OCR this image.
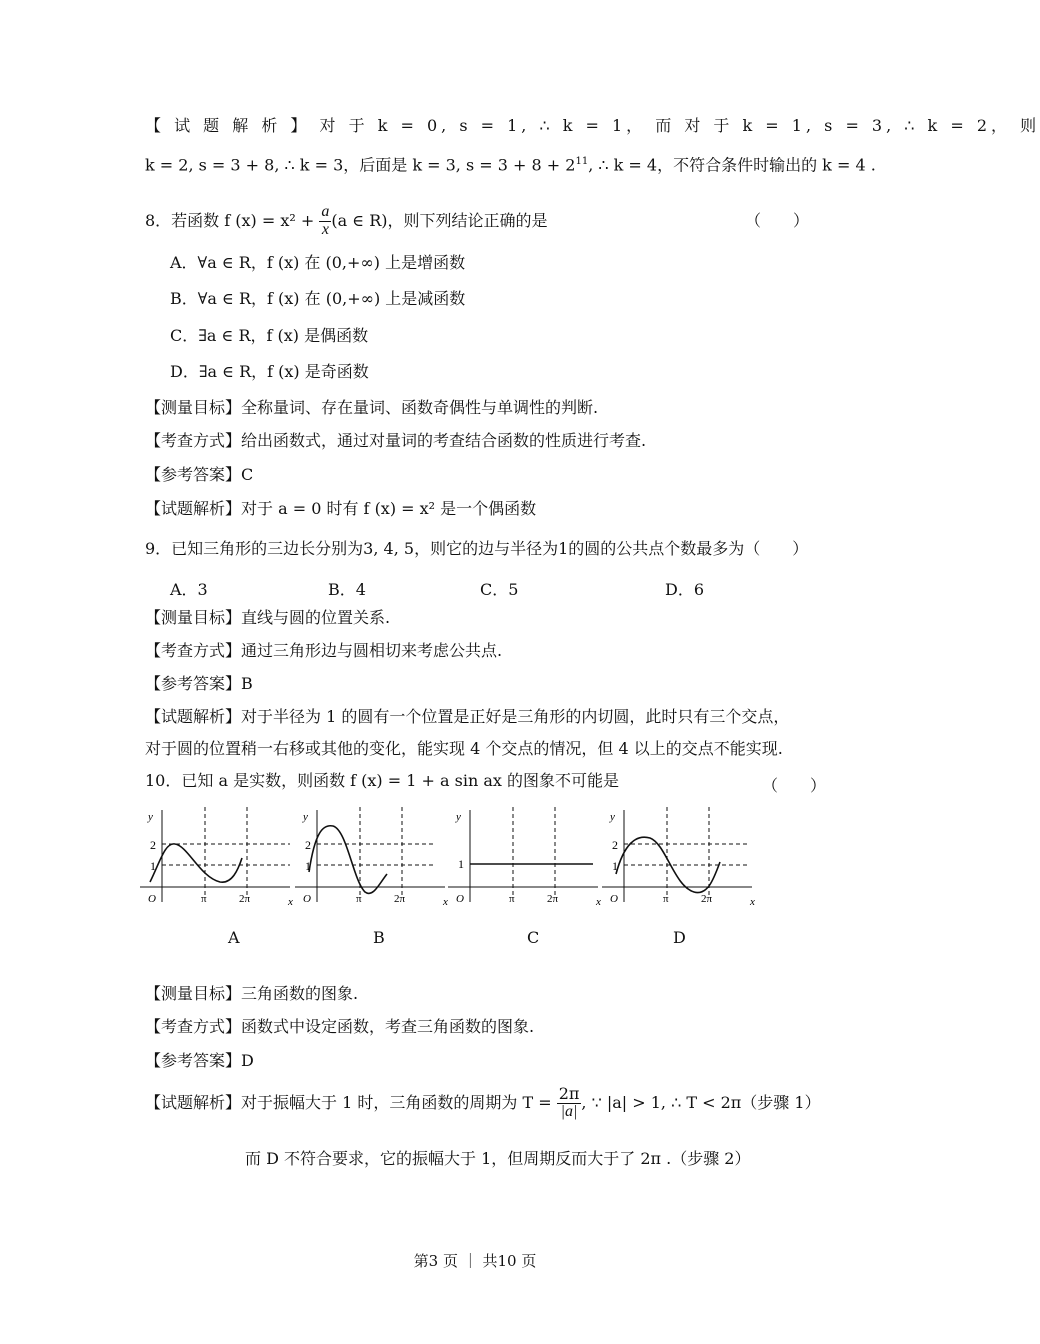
【 试 题 解 析 】 对 于 k = 0, s = 1, ∴ k = 1， 而 对 于 k = 1, s = 3, ∴ k = 2， 则
k = 2, s = 3 + 8, ∴ k = 3，后面是 k = 3, $s = 3 + 8 + 2^{11}$, ∴ k = 4，不符合条件时输出的 k = 4 .
8．若函数 f $(x) = x^2 + \frac{a}{x} (a$ ∈ R)，则下列结论正确的是	（　　）
A．∀a ∈ R，f (x) 在 (0,+∞) 上是增函数
B．∀a ∈ R，f (x) 在 (0,+∞) 上是减函数
C．∃a ∈ R，f (x) 是偶函数
D．∃a ∈ R，f (x) 是奇函数
【测量目标】全称量词、存在量词、函数奇偶性与单调性的判断.
【考查方式】给出函数式，通过对量词的考查结合函数的性质进行考查.
【参考答案】C
【试题解析】对于 a = 0 时有 f (x) = x² 是一个偶函数
9．已知三角形的三边长分别为3, 4, 5，则它的边与半径为1的圆的公共点个数最多为（　　）
A．3	B．4	C．5	D．6
【测量目标】直线与圆的位置关系.
【考查方式】通过三角形边与圆相切来考虑公共点.
【参考答案】B
【试题解析】对于半径为 1 的圆有一个位置是正好是三角形的内切圆，此时只有三个交点，
对于圆的位置稍一右移或其他的变化，能实现 4 个交点的情况，但 4 以上的交点不能实现.
10．已知 a 是实数，则函数 f (x) = 1 + a sin ax 的图象不可能是	（　　）
y
2
1
O	π	2π	x
y
2
1
O	π	2π	x
y
1
O	π	2π	x
y
2
1
O	π	2π	x
A	B	C	D
【测量目标】三角函数的图象.
【考查方式】函数式中设定函数，考查三角函数的图象.
【参考答案】D
【试题解析】对于振幅大于 1 时，三角函数的周期为 $T = \frac{2\pi}{|a|}$ , ∵ |a| > 1, ∴ T < 2π（步骤 1）
而 D 不符合要求，它的振幅大于 1，但周期反而大于了 2π .（步骤 2）
第3 页 ｜ 共10 页
